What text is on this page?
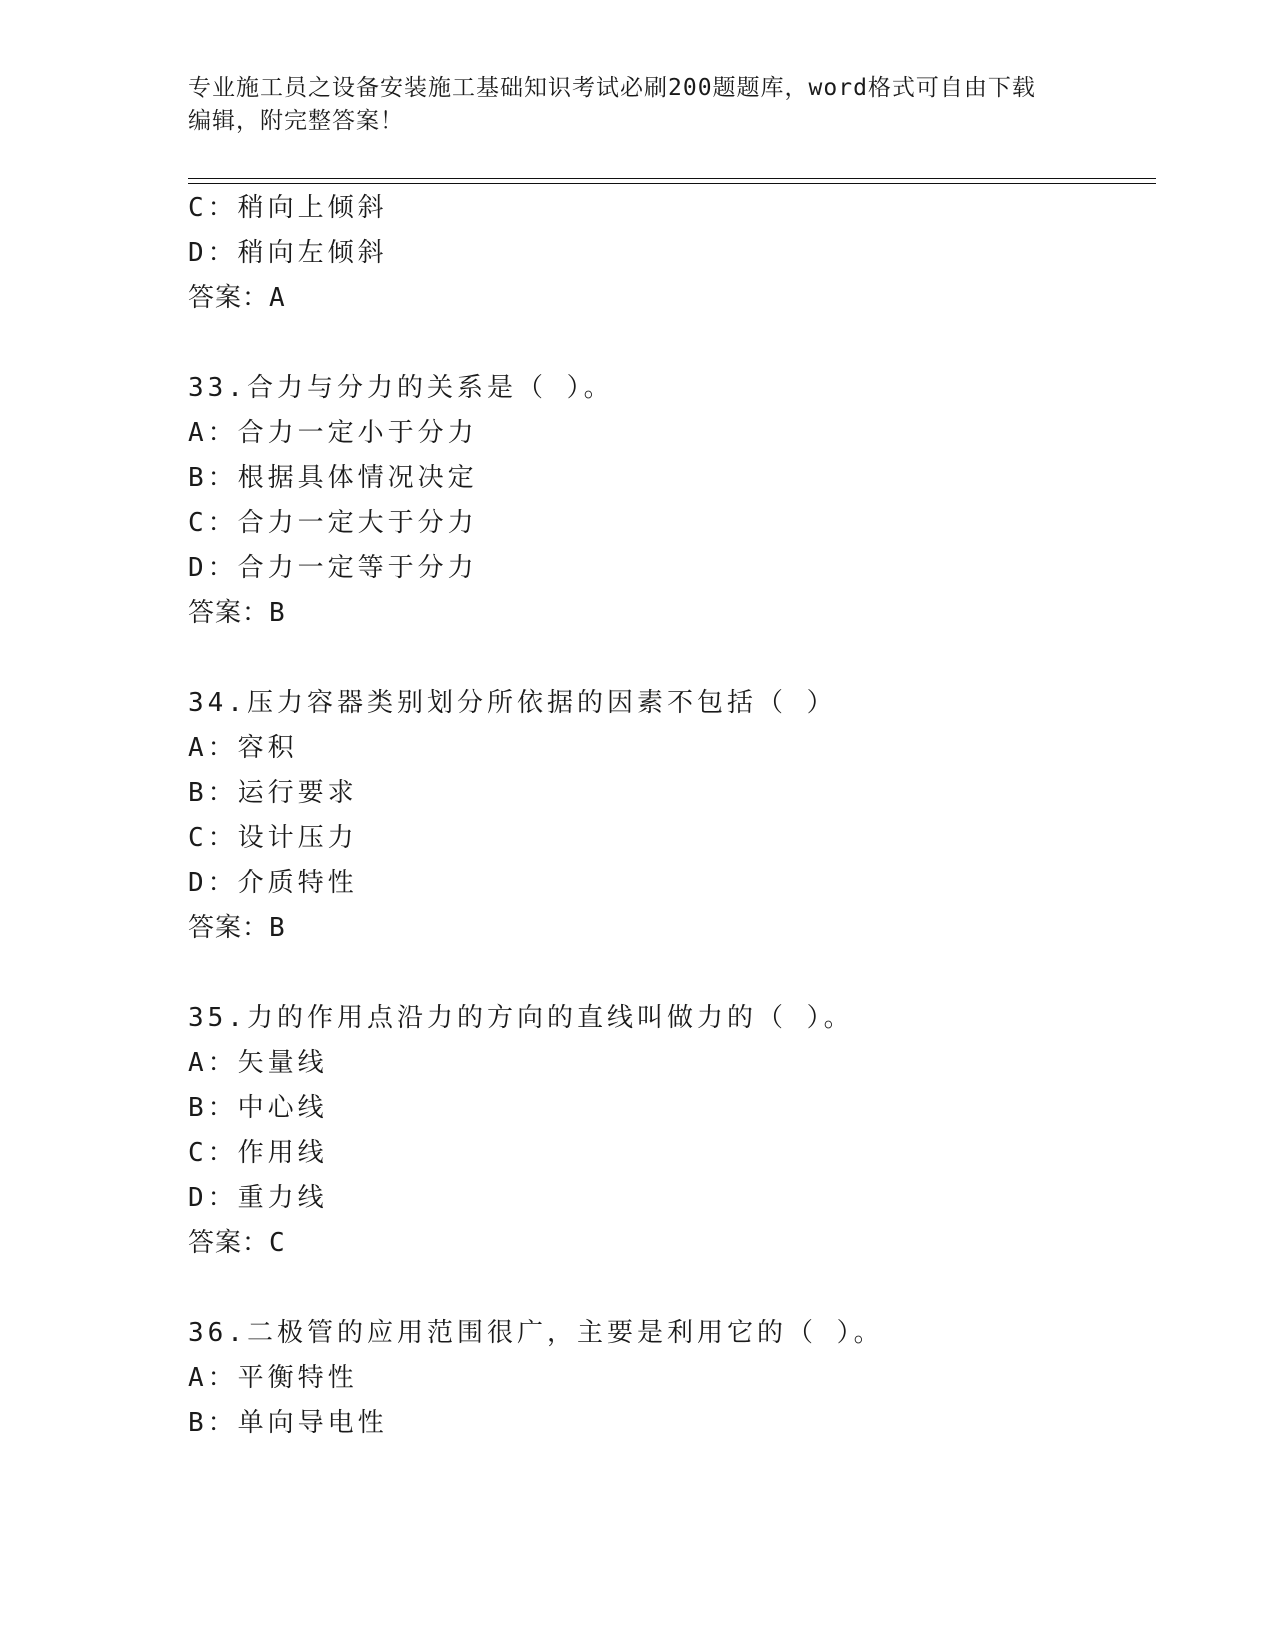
专业施工员之设备安装施工基础知识考试必刷200题题库，word格式可自由下载
编辑，附完整答案！
C：稍向上倾斜
D：稍向左倾斜
答案：A
33.合力与分力的关系是（ ）。
A：合力一定小于分力
B：根据具体情况决定
C：合力一定大于分力
D：合力一定等于分力
答案：B
34.压力容器类别划分所依据的因素不包括（ ）
A：容积
B：运行要求
C：设计压力
D：介质特性
答案：B
35.力的作用点沿力的方向的直线叫做力的（ ）。
A：矢量线
B：中心线
C：作用线
D：重力线
答案：C
36.二极管的应用范围很广，主要是利用它的（ ）。
A：平衡特性
B：单向导电性
